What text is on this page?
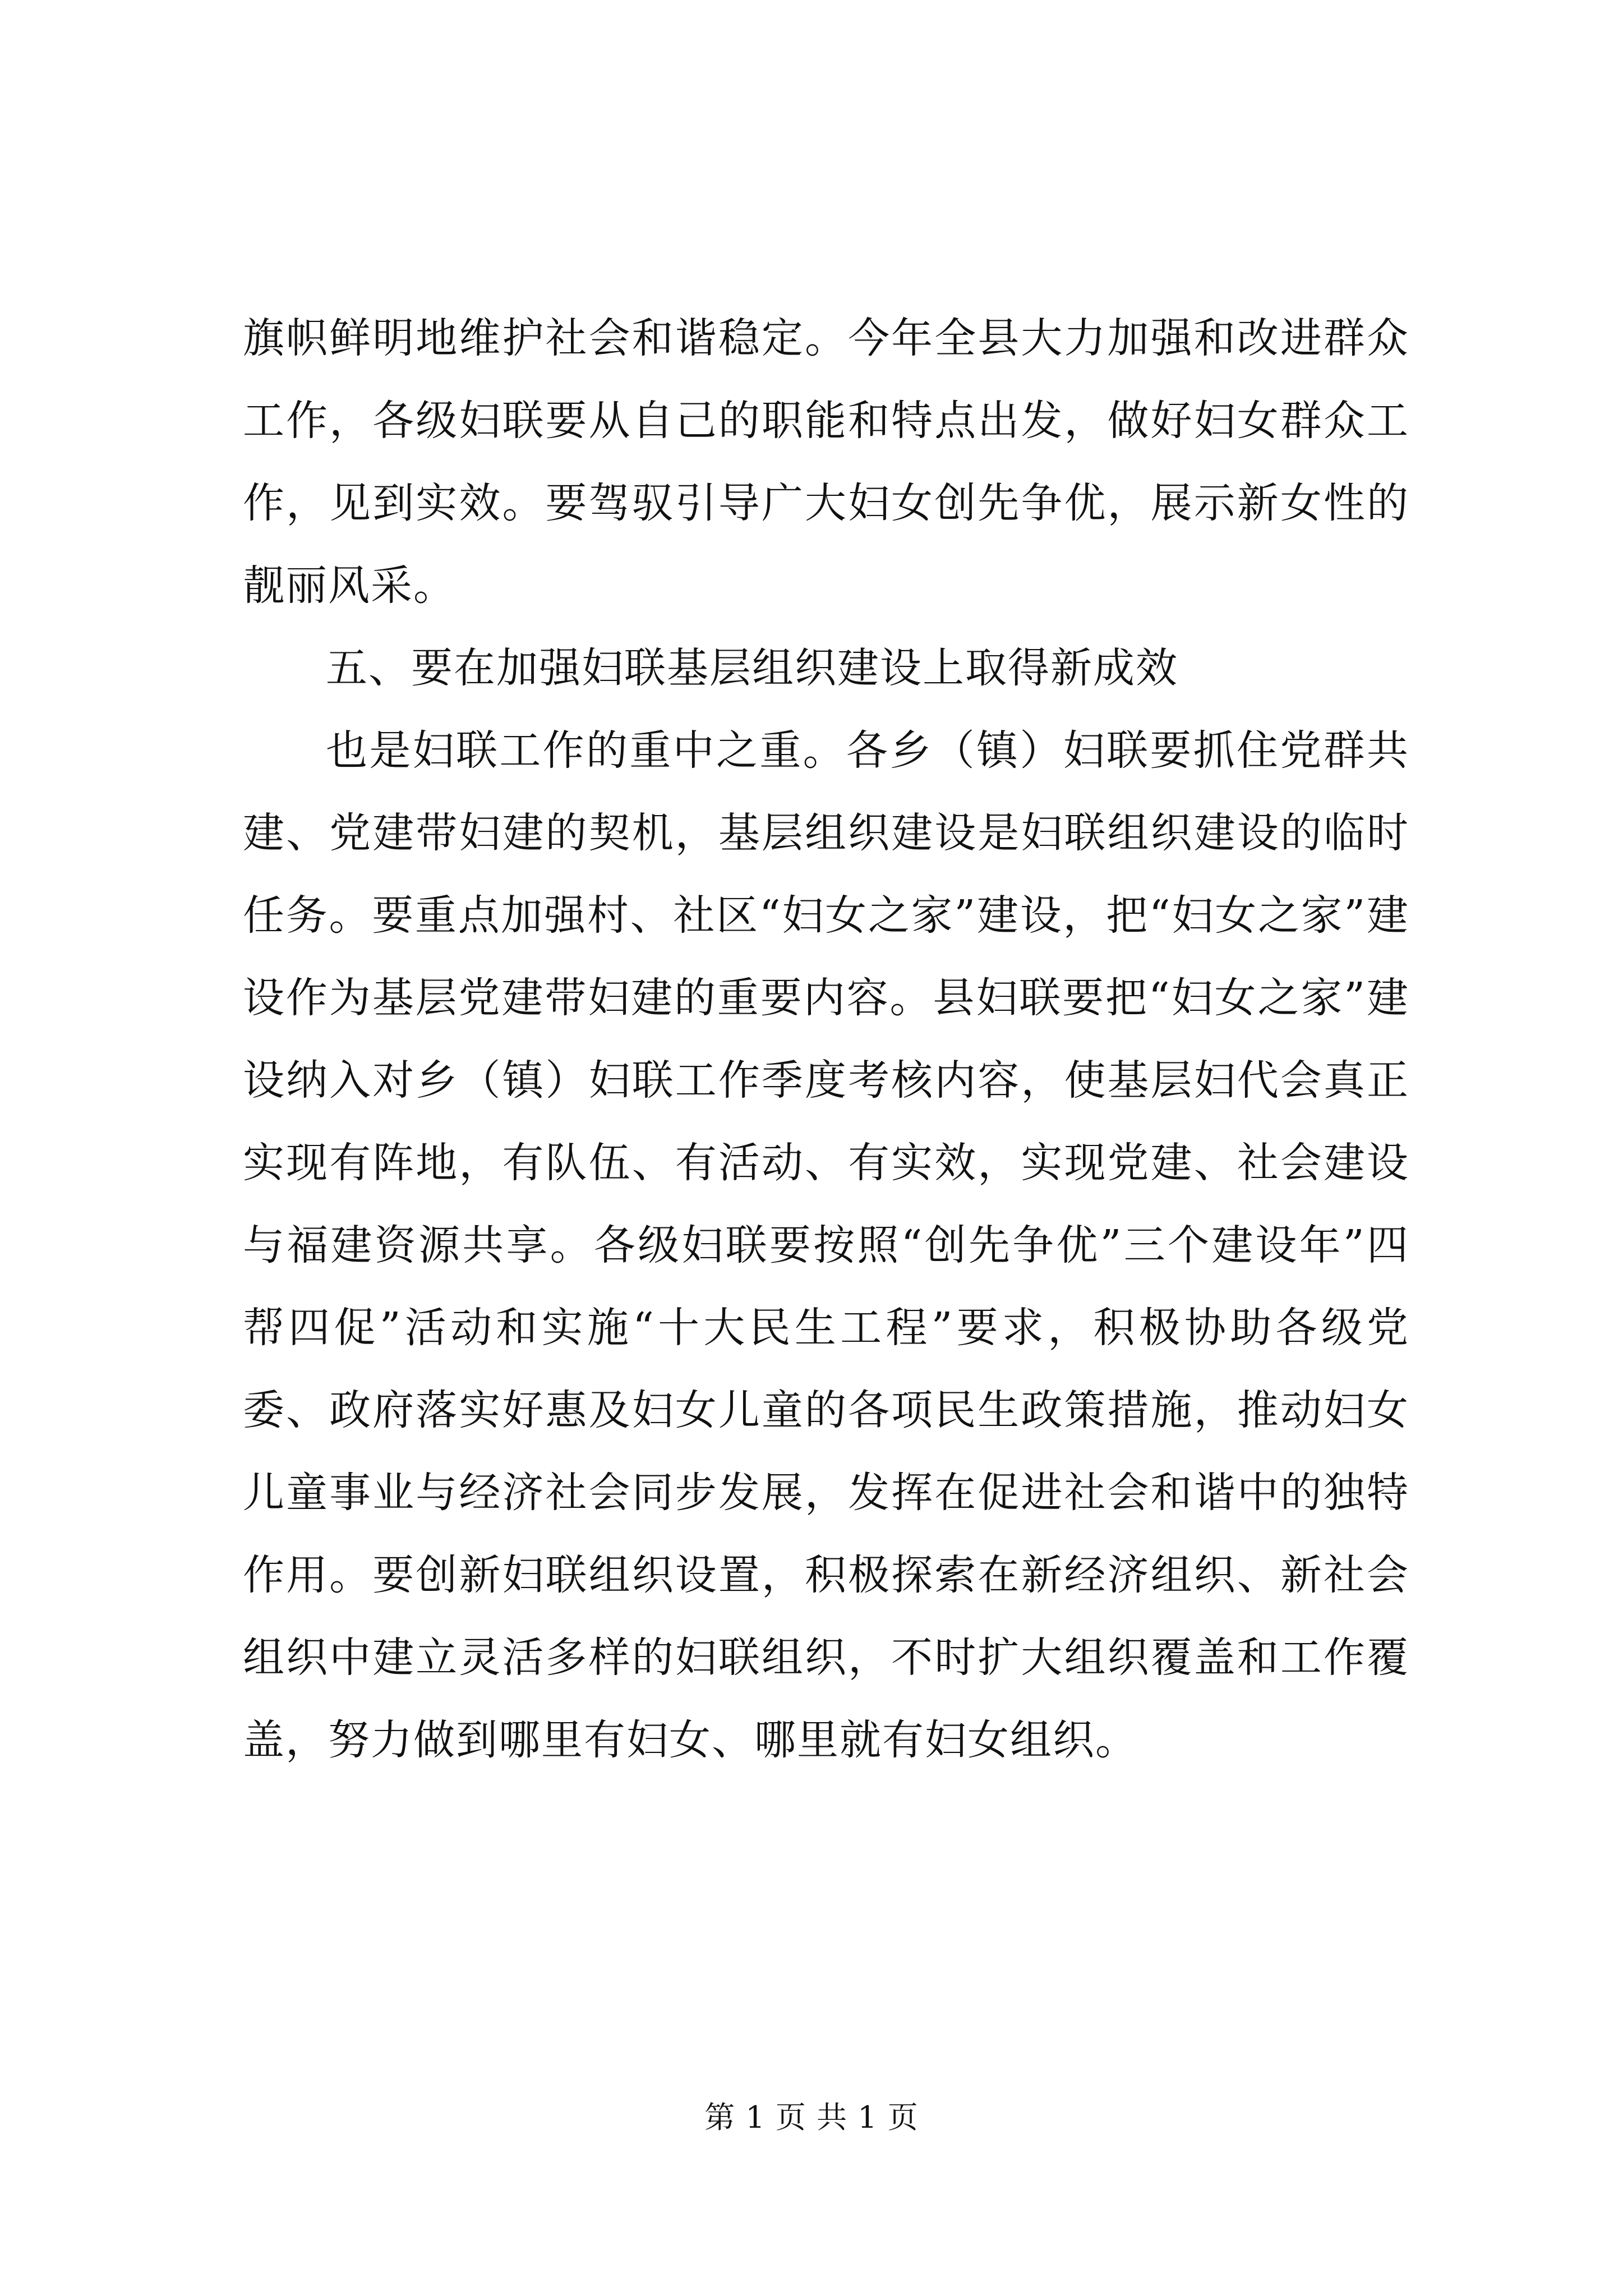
旗帜鲜明地维护社会和谐稳定。今年全县大力加强和改进群众工作，各级妇联要从自己的职能和特点出发，做好妇女群众工作，见到实效。要驾驭引导广大妇女创先争优，展示新女性的靓丽风采。

五、要在加强妇联基层组织建设上取得新成效

也是妇联工作的重中之重。各乡（镇）妇联要抓住党群共建、党建带妇建的契机，基层组织建设是妇联组织建设的临时任务。要重点加强村、社区“妇女之家”建设，把“妇女之家”建设作为基层党建带妇建的重要内容。县妇联要把“妇女之家”建设纳入对乡（镇）妇联工作季度考核内容，使基层妇代会真正实现有阵地，有队伍、有活动、有实效，实现党建、社会建设与福建资源共享。各级妇联要按照“创先争优”三个建设年”四帮四促”活动和实施“十大民生工程”要求，积极协助各级党委、政府落实好惠及妇女儿童的各项民生政策措施，推动妇女儿童事业与经济社会同步发展，发挥在促进社会和谐中的独特作用。要创新妇联组织设置，积极探索在新经济组织、新社会组织中建立灵活多样的妇联组织，不时扩大组织覆盖和工作覆盖，努力做到哪里有妇女、哪里就有妇女组织。

第 1 页 共 1 页
